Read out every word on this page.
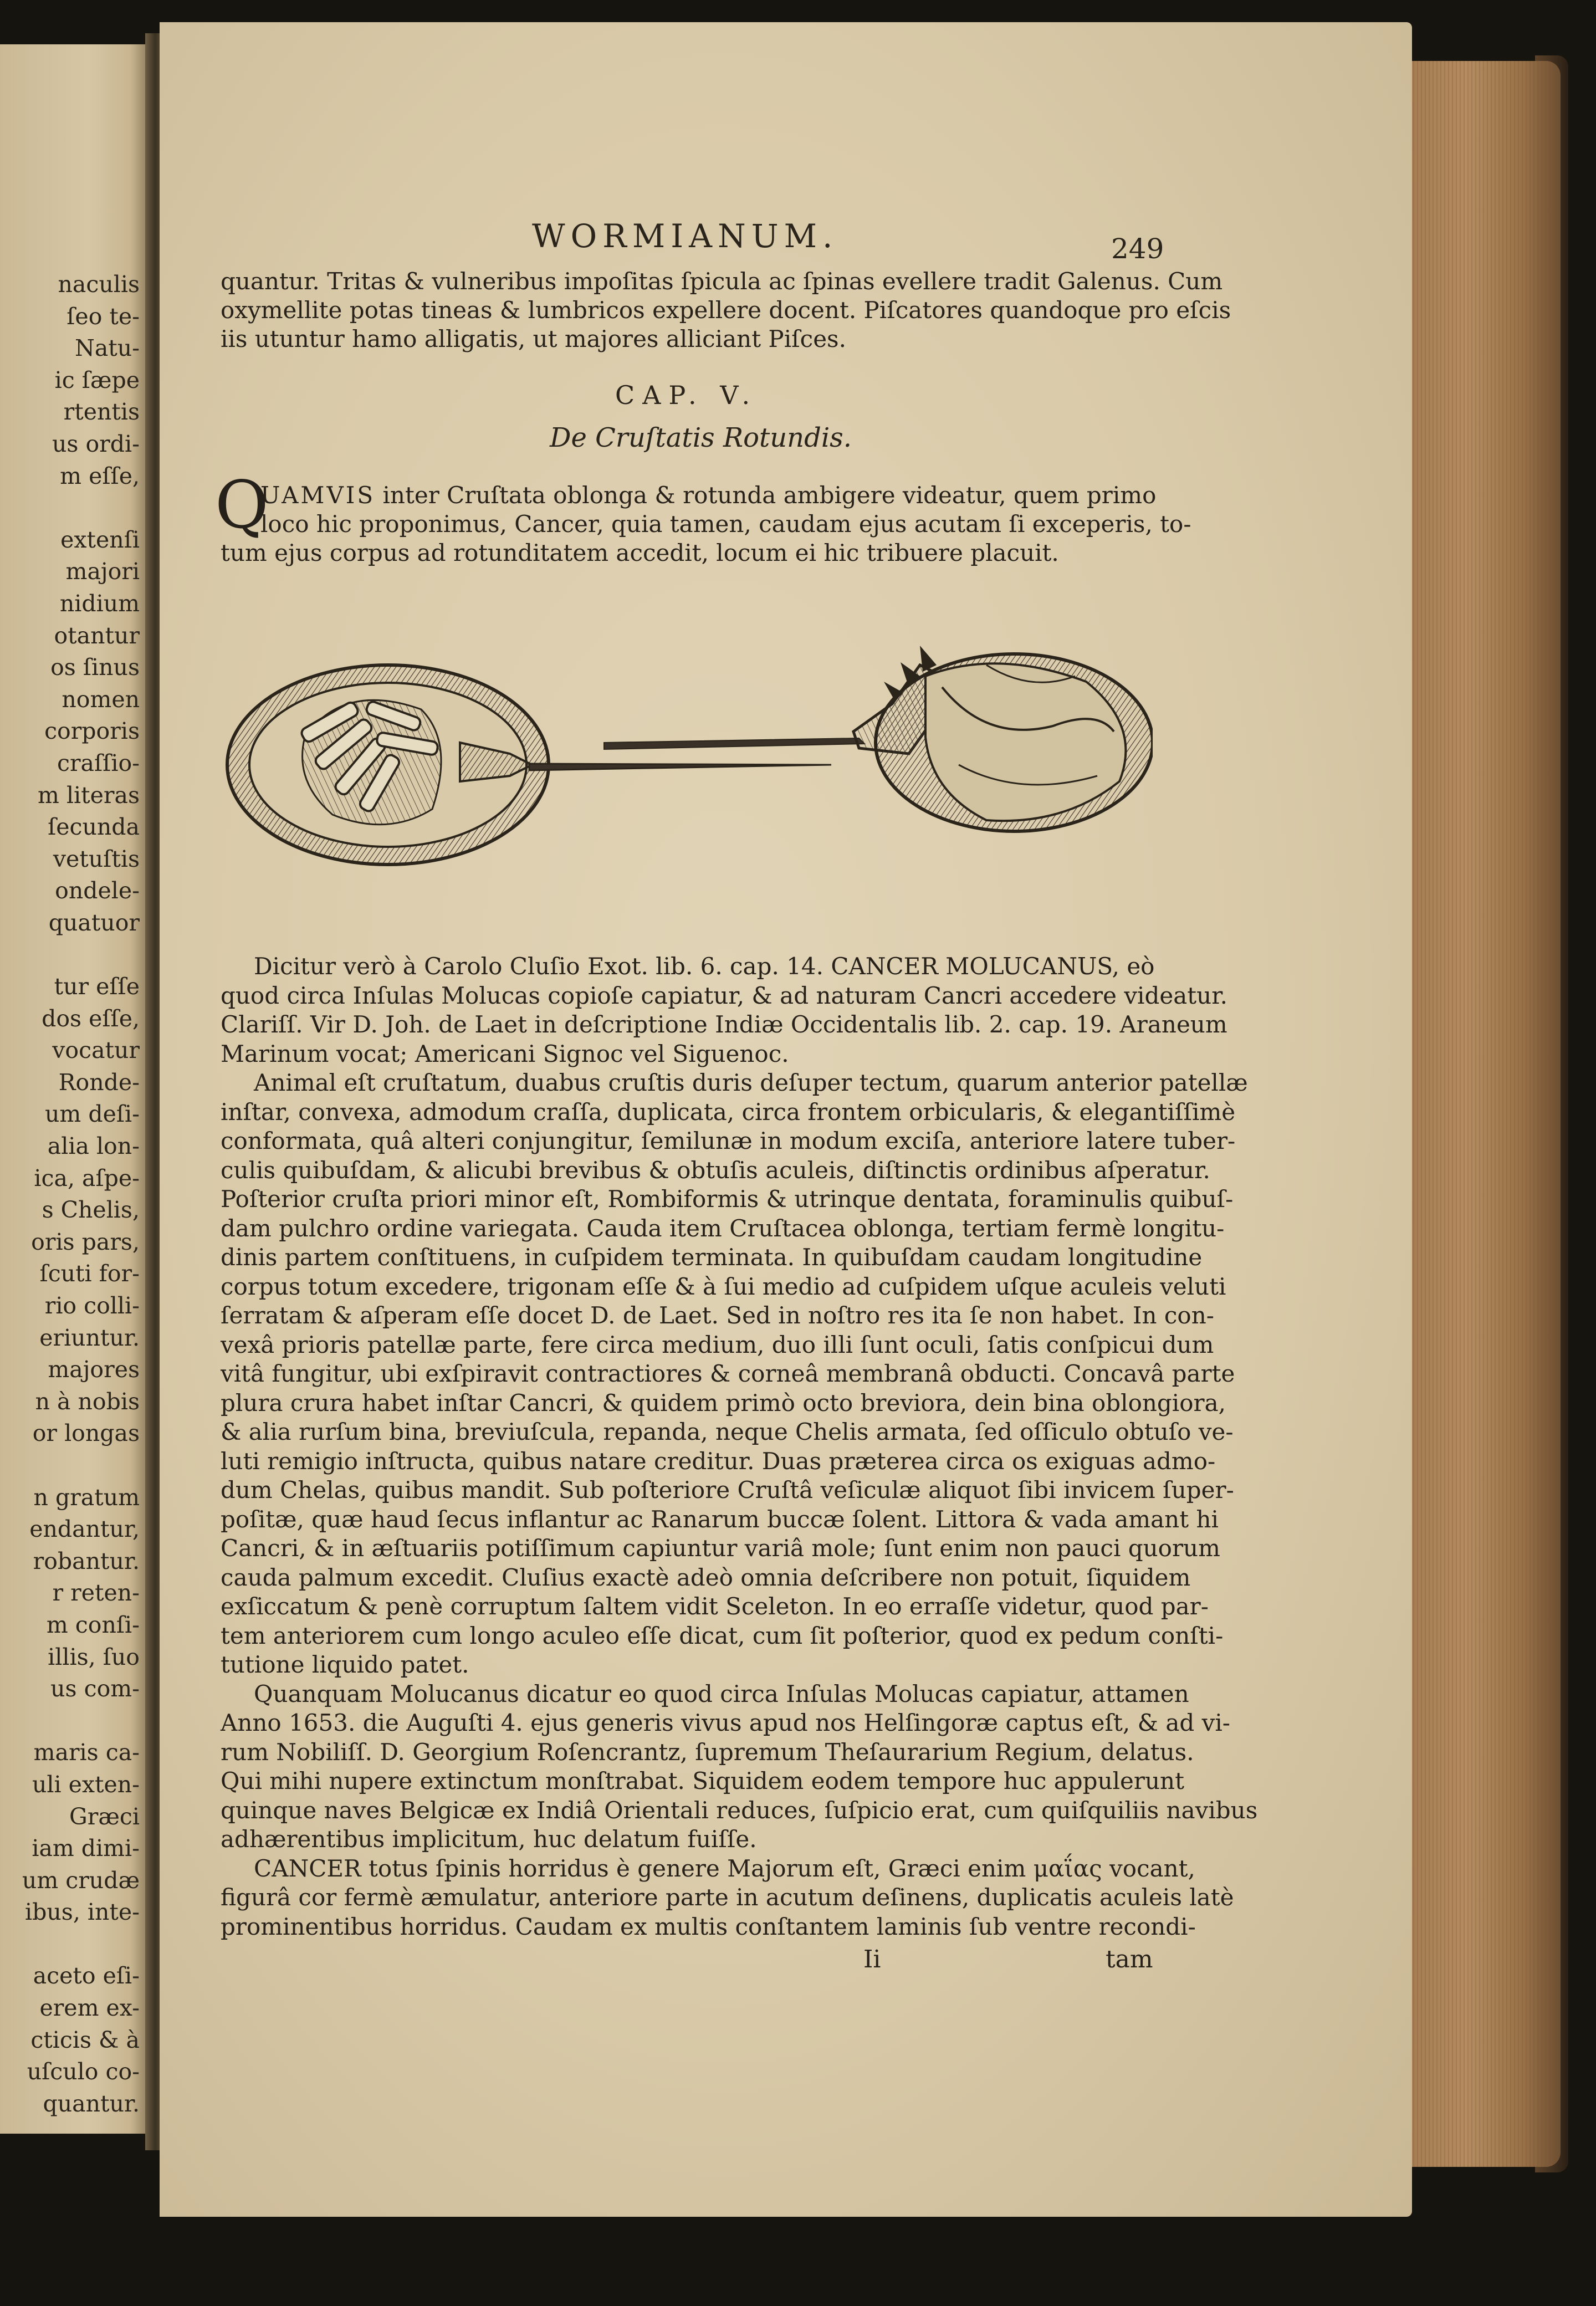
naculis
ſeo te-
Natu-
ic ſæpe
rtentis
us ordi-
m eſſe,
extenſi
majori
nidium
otantur
os ſinus
nomen
corporis
craſſio-
m literas
ſecunda
vetuſtis
ondele-
quatuor
tur eſſe
dos eſſe,
vocatur
Ronde-
um deſi-
alia lon-
ica, aſpe-
s Chelis,
oris pars,
ſcuti for-
rio colli-
eriuntur.
majores
n à nobis
or longas
n gratum
endantur,
robantur.
r reten-
m conſi-
illis, ſuo
us com-
maris ca-
uli exten-
Græci
iam dimi-
um crudæ
ibus, inte-
aceto eſi-
erem ex-
cticis & à
uſculo co-
quantur.
WORMIANUM.	249
quantur. Tritas & vulneribus impoſitas ſpicula ac ſpinas evellere tradit Galenus. Cum
oxymellite potas tineas & lumbricos expellere docent. Piſcatores quandoque pro eſcis
iis utuntur hamo alligatis, ut majores alliciant Piſces.
CAP. V.
De Cruſtatis Rotundis.
Q
UAMVIS inter Cruſtata oblonga & rotunda ambigere videatur, quem primo
loco hic proponimus, Cancer, quia tamen, caudam ejus acutam ſi exceperis, to-
tum ejus corpus ad rotunditatem accedit, locum ei hic tribuere placuit.
Dicitur verò à Carolo Cluſio Exot. lib. 6. cap. 14. CANCER MOLUCANUS, eò
quod circa Inſulas Molucas copioſe capiatur, & ad naturam Cancri accedere videatur.
Clariſſ. Vir D. Joh. de Laet in deſcriptione Indiæ Occidentalis lib. 2. cap. 19. Araneum
Marinum vocat; Americani Signoc vel Siguenoc.
Animal eſt cruſtatum, duabus cruſtis duris deſuper tectum, quarum anterior patellæ
inſtar, convexa, admodum craſſa, duplicata, circa frontem orbicularis, & elegantiſſimè
conformata, quâ alteri conjungitur, ſemilunæ in modum exciſa, anteriore latere tuber-
culis quibuſdam, & alicubi brevibus & obtuſis aculeis, diſtinctis ordinibus aſperatur.
Poſterior cruſta priori minor eſt, Rombiformis & utrinque dentata, foraminulis quibuſ-
dam pulchro ordine variegata. Cauda item Cruſtacea oblonga, tertiam fermè longitu-
dinis partem conſtituens, in cuſpidem terminata. In quibuſdam caudam longitudine
corpus totum excedere, trigonam eſſe & à ſui medio ad cuſpidem uſque aculeis veluti
ſerratam & aſperam eſſe docet D. de Laet. Sed in noſtro res ita ſe non habet. In con-
vexâ prioris patellæ parte, fere circa medium, duo illi ſunt oculi, ſatis conſpicui dum
vitâ fungitur, ubi exſpiravit contractiores & corneâ membranâ obducti. Concavâ parte
plura crura habet inſtar Cancri, & quidem primò octo breviora, dein bina oblongiora,
& alia rurſum bina, breviuſcula, repanda, neque Chelis armata, ſed oſſiculo obtuſo ve-
luti remigio inſtructa, quibus natare creditur. Duas præterea circa os exiguas admo-
dum Chelas, quibus mandit. Sub poſteriore Cruſtâ veſiculæ aliquot ſibi invicem ſuper-
poſitæ, quæ haud ſecus inflantur ac Ranarum buccæ ſolent. Littora & vada amant hi
Cancri, & in æſtuariis potiſſimum capiuntur variâ mole; ſunt enim non pauci quorum
cauda palmum excedit. Cluſius exactè adeò omnia deſcribere non potuit, ſiquidem
exſiccatum & penè corruptum ſaltem vidit Sceleton. In eo erraſſe videtur, quod par-
tem anteriorem cum longo aculeo eſſe dicat, cum ſit poſterior, quod ex pedum conſti-
tutione liquido patet.
Quanquam Molucanus dicatur eo quod circa Inſulas Molucas capiatur, attamen
Anno 1653. die Auguſti 4. ejus generis vivus apud nos Helſingoræ captus eſt, & ad vi-
rum Nobiliſſ. D. Georgium Roſencrantz, ſupremum Theſaurarium Regium, delatus.
Qui mihi nupere extinctum monſtrabat. Siquidem eodem tempore huc appulerunt
quinque naves Belgicæ ex Indiâ Orientali reduces, ſuſpicio erat, cum quiſquiliis navibus
adhærentibus implicitum, huc delatum fuiſſe.
CANCER totus ſpinis horridus è genere Majorum eſt, Græci enim μαΐας vocant,
figurâ cor fermè æmulatur, anteriore parte in acutum deſinens, duplicatis aculeis latè
prominentibus horridus. Caudam ex multis conſtantem laminis ſub ventre recondi-
Ii	tam
